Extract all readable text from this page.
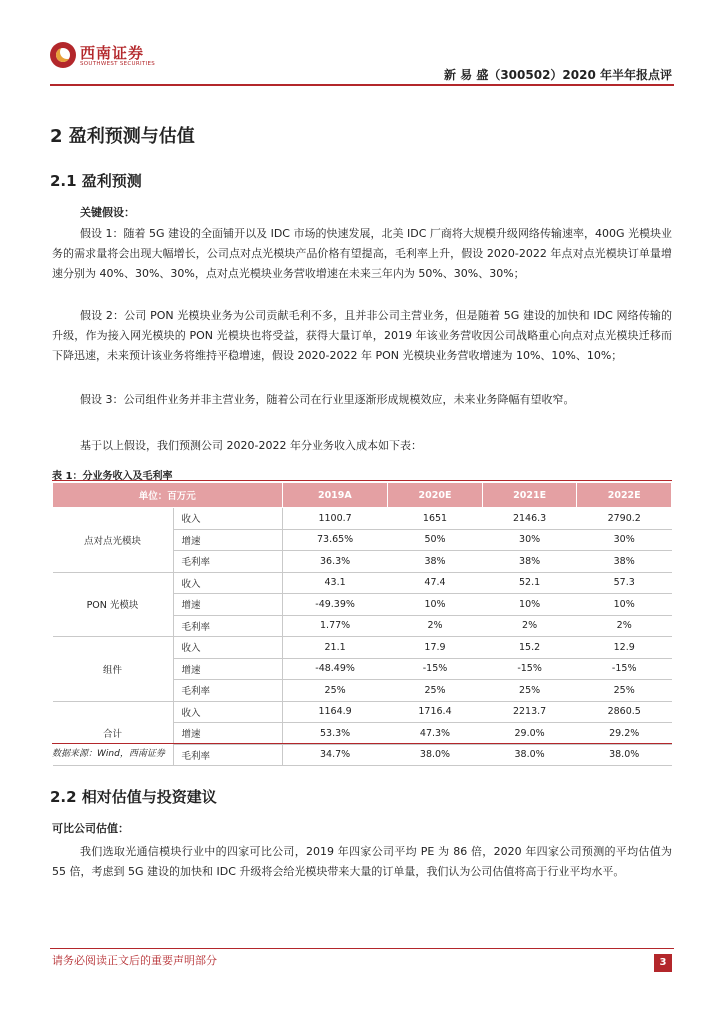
西南证券
SOUTHWEST SECURITIES
新 易 盛（300502）2020 年半年报点评
2 盈利预测与估值
2.1 盈利预测
关键假设：

假设 1：随着 5G 建设的全面铺开以及 IDC 市场的快速发展，北美 IDC 厂商将大规模升级网络传输速率，400G 光模块业务的需求量将会出现大幅增长，公司点对点光模块产品价格有望提高，毛利率上升，假设 2020-2022 年点对点光模块订单量增速分别为 40%、30%、30%，点对点光模块业务营收增速在未来三年内为 50%、30%、30%；

假设 2：公司 PON 光模块业务为公司贡献毛利不多，且并非公司主营业务，但是随着 5G 建设的加快和 IDC 网络传输的升级，作为接入网光模块的 PON 光模块也将受益，获得大量订单，2019 年该业务营收因公司战略重心向点对点光模块迁移而下降迅速，未来预计该业务将维持平稳增速，假设 2020-2022 年 PON 光模块业务营收增速为 10%、10%、10%；

假设 3：公司组件业务并非主营业务，随着公司在行业里逐渐形成规模效应，未来业务降幅有望收窄。

基于以上假设，我们预测公司 2020-2022 年分业务收入成本如下表：

表 1：分业务收入及毛利率
单位：百万元		2019A	2020E	2021E	2022E
点对点光模块	收入	1100.7	1651	2146.3	2790.2
	增速	73.65%	50%	30%	30%
	毛利率	36.3%	38%	38%	38%
PON 光模块	收入	43.1	47.4	52.1	57.3
	增速	-49.39%	10%	10%	10%
	毛利率	1.77%	2%	2%	2%
组件	收入	21.1	17.9	15.2	12.9
	增速	-48.49%	-15%	-15%	-15%
	毛利率	25%	25%	25%	25%
合计	收入	1164.9	1716.4	2213.7	2860.5
	增速	53.3%	47.3%	29.0%	29.2%
	毛利率	34.7%	38.0%	38.0%	38.0%
数据来源：Wind，西南证券
2.2 相对估值与投资建议
可比公司估值：

我们选取光通信模块行业中的四家可比公司，2019 年四家公司平均 PE 为 86 倍，2020 年四家公司预测的平均估值为 55 倍，考虑到 5G 建设的加快和 IDC 升级将会给光模块带来大量的订单量，我们认为公司估值将高于行业平均水平。

请务必阅读正文后的重要声明部分	3
